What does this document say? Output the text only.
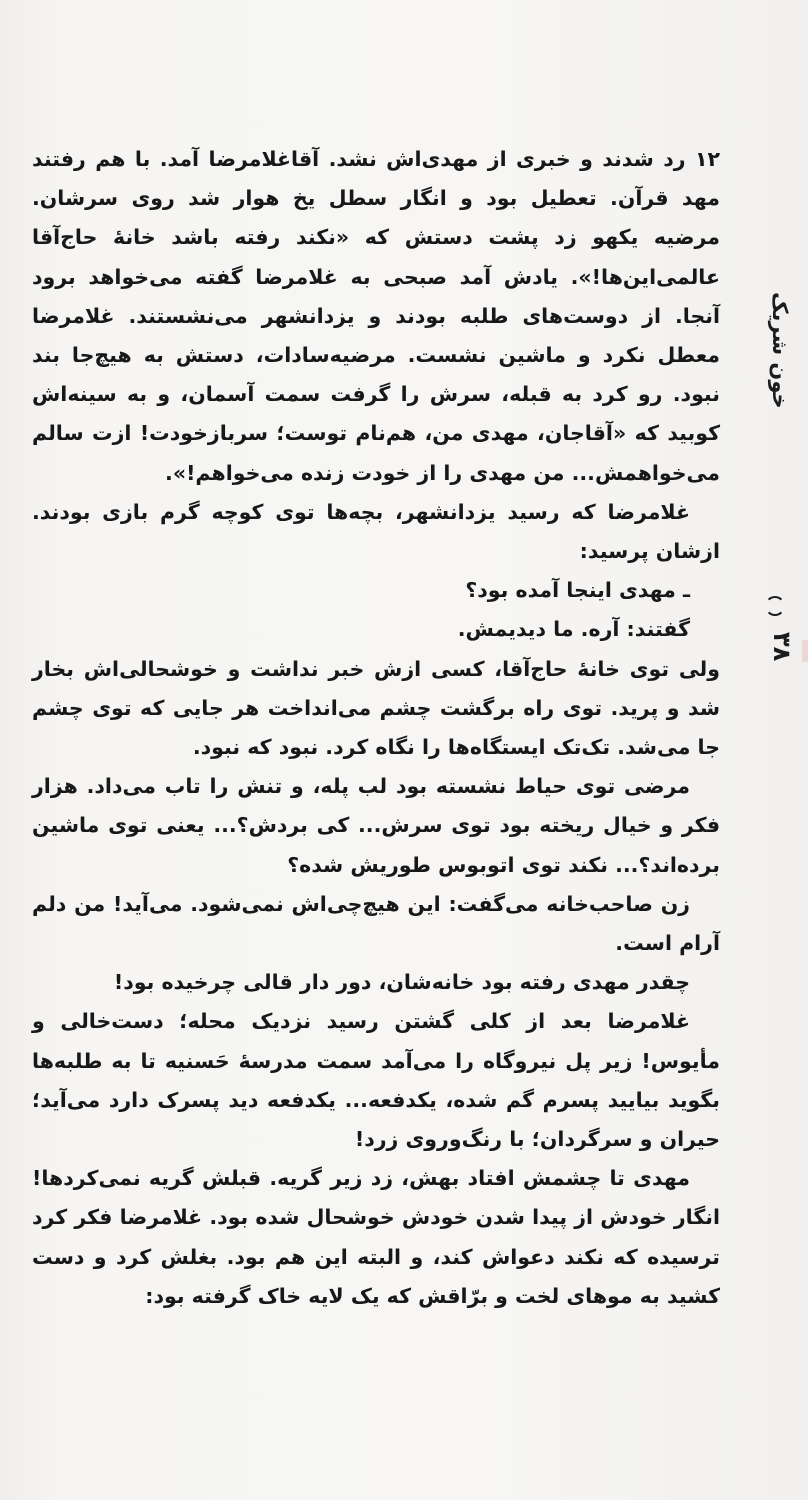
خون شریک
۳۸

۱۲ رد شدند و خبری از مهدی‌اش نشد. آقاغلامرضا آمد. با هم رفتند مهد قرآن. تعطیل بود و انگار سطل یخ هوار شد روی سرشان. مرضیه یکهو زد پشت دستش که «نکند رفته باشد خانهٔ حاج‌آقا عالمی‌این‌ها!». یادش آمد صبحی به غلامرضا گفته می‌خواهد برود آنجا. از دوست‌های طلبه بودند و یزدانشهر می‌نشستند. غلامرضا معطل نکرد و ماشین نشست. مرضیه‌سادات، دستش به هیچ‌جا بند نبود. رو کرد به قبله، سرش را گرفت سمت آسمان، و به سینه‌اش کوبید که «آقاجان، مهدی من، هم‌نام توست؛ سربازخودت! ازت سالم می‌خواهمش... من مهدی را از خودت زنده می‌خواهم!».

غلامرضا که رسید یزدانشهر، بچه‌ها توی کوچه گرم بازی بودند. ازشان پرسید:

ـ مهدی اینجا آمده بود؟

گفتند: آره. ما دیدیمش.

ولی توی خانهٔ حاج‌آقا، کسی ازش خبر نداشت و خوشحالی‌اش بخار شد و پرید. توی راه برگشت چشم می‌انداخت هر جایی که توی چشم جا می‌شد. تک‌تک ایستگاه‌ها را نگاه کرد. نبود که نبود.

مرضی توی حیاط نشسته بود لب پله، و تنش را تاب می‌داد. هزار فکر و خیال ریخته بود توی سرش... کی بردش؟... یعنی توی ماشین برده‌اند؟... نکند توی اتوبوس طوریش شده؟

زن صاحب‌خانه می‌گفت: این هیچ‌چی‌اش نمی‌شود. می‌آید! من دلم آرام است.

چقدر مهدی رفته بود خانه‌شان، دور دار قالی چرخیده بود!

غلامرضا بعد از کلی گشتن رسید نزدیک محله؛ دست‌خالی و مأیوس! زیر پل نیروگاه را می‌آمد سمت مدرسهٔ حَسنیه تا به طلبه‌ها بگوید بیایید پسرم گم شده، یکدفعه... یکدفعه دید پسرک دارد می‌آید؛ حیران و سرگردان؛ با رنگ‌وروی زرد!

مهدی تا چشمش افتاد بهش، زد زیر گریه. قبلش گریه نمی‌کردها! انگار خودش از پیدا شدن خودش خوشحال شده بود. غلامرضا فکر کرد ترسیده که نکند دعواش کند، و البته این هم بود. بغلش کرد و دست کشید به موهای لخت و برّاقش که یک لایه خاک گرفته بود:
